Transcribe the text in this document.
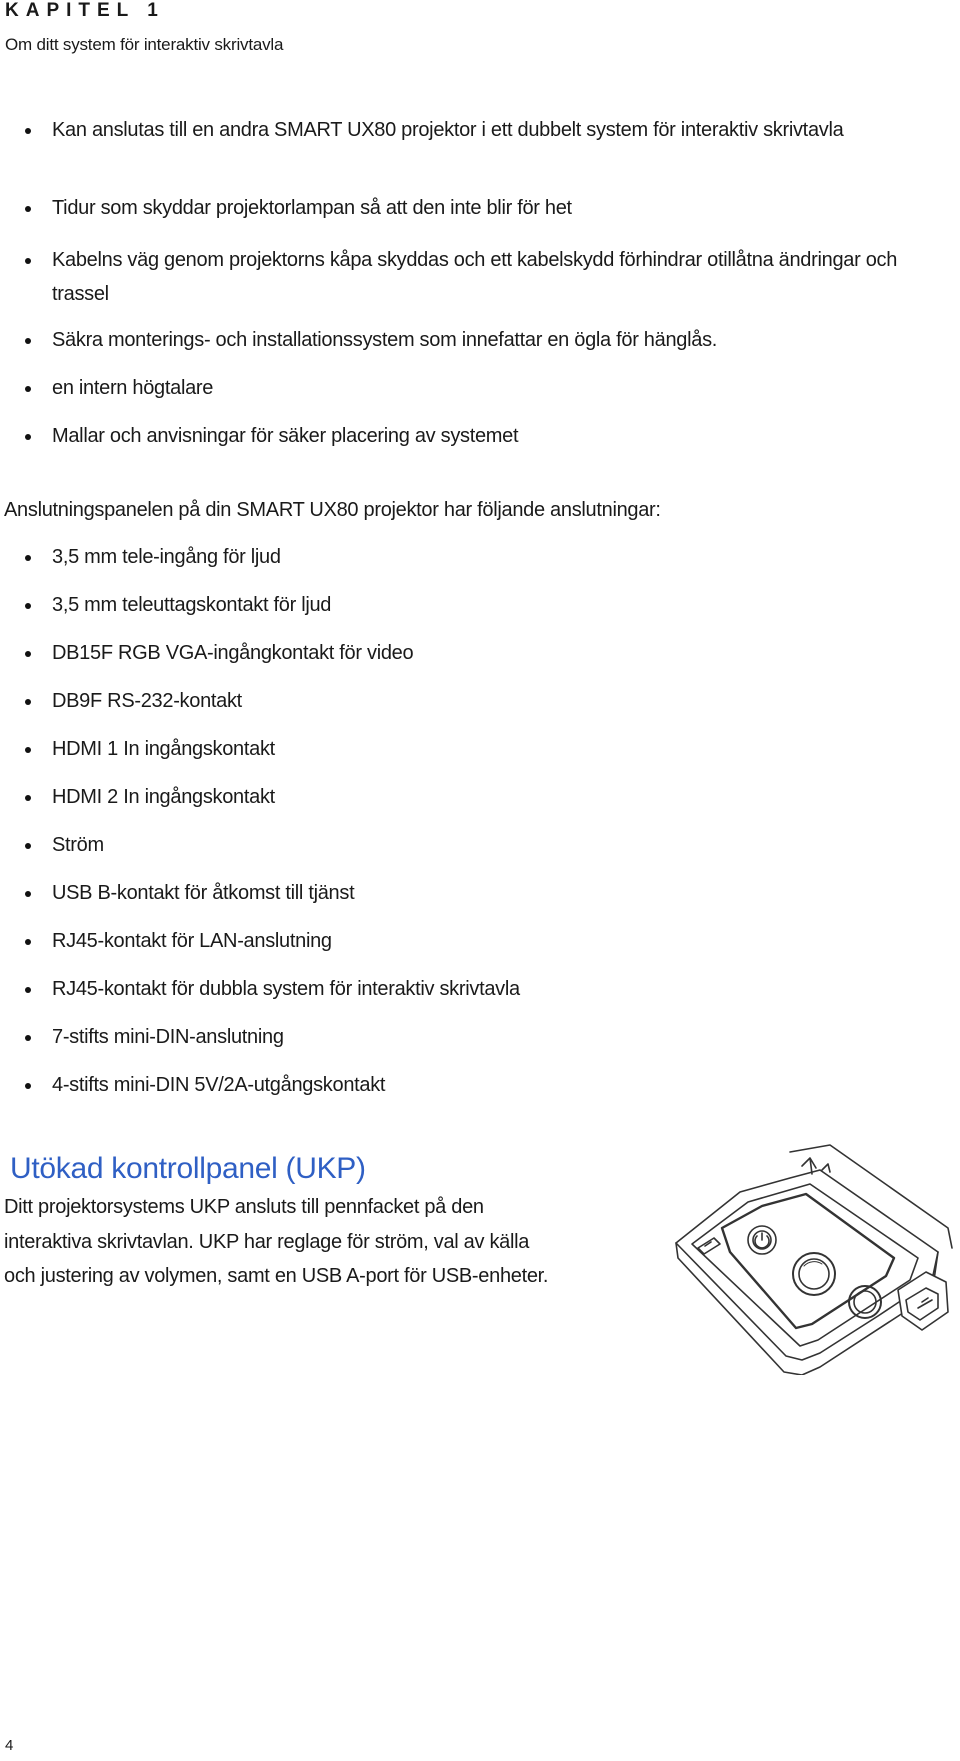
KAPITEL 1
Om ditt system för interaktiv skrivtavla
Kan anslutas till en andra SMART UX80 projektor i ett dubbelt system för interaktiv skrivtavla
Tidur som skyddar projektorlampan så att den inte blir för het
Kabelns väg genom projektorns kåpa skyddas och ett kabelskydd förhindrar otillåtna ändringar och trassel
Säkra monterings- och installationssystem som innefattar en ögla för hänglås.
en intern högtalare
Mallar och anvisningar för säker placering av systemet

Anslutningspanelen på din SMART UX80 projektor har följande anslutningar:

3,5 mm tele-ingång för ljud
3,5 mm teleuttagskontakt för ljud
DB15F RGB VGA-ingångkontakt för video
DB9F RS-232-kontakt
HDMI 1 In ingångskontakt
HDMI 2 In ingångskontakt
Ström
USB B-kontakt för åtkomst till tjänst
RJ45-kontakt för LAN-anslutning
RJ45-kontakt för dubbla system för interaktiv skrivtavla
7-stifts mini-DIN-anslutning
4-stifts mini-DIN 5V/2A-utgångskontakt
Utökad kontrollpanel (UKP)
Ditt projektorsystems UKP ansluts till pennfacket på den
interaktiva skrivtavlan. UKP har reglage för ström, val av källa
och justering av volymen, samt en USB A-port för USB-enheter.
4
